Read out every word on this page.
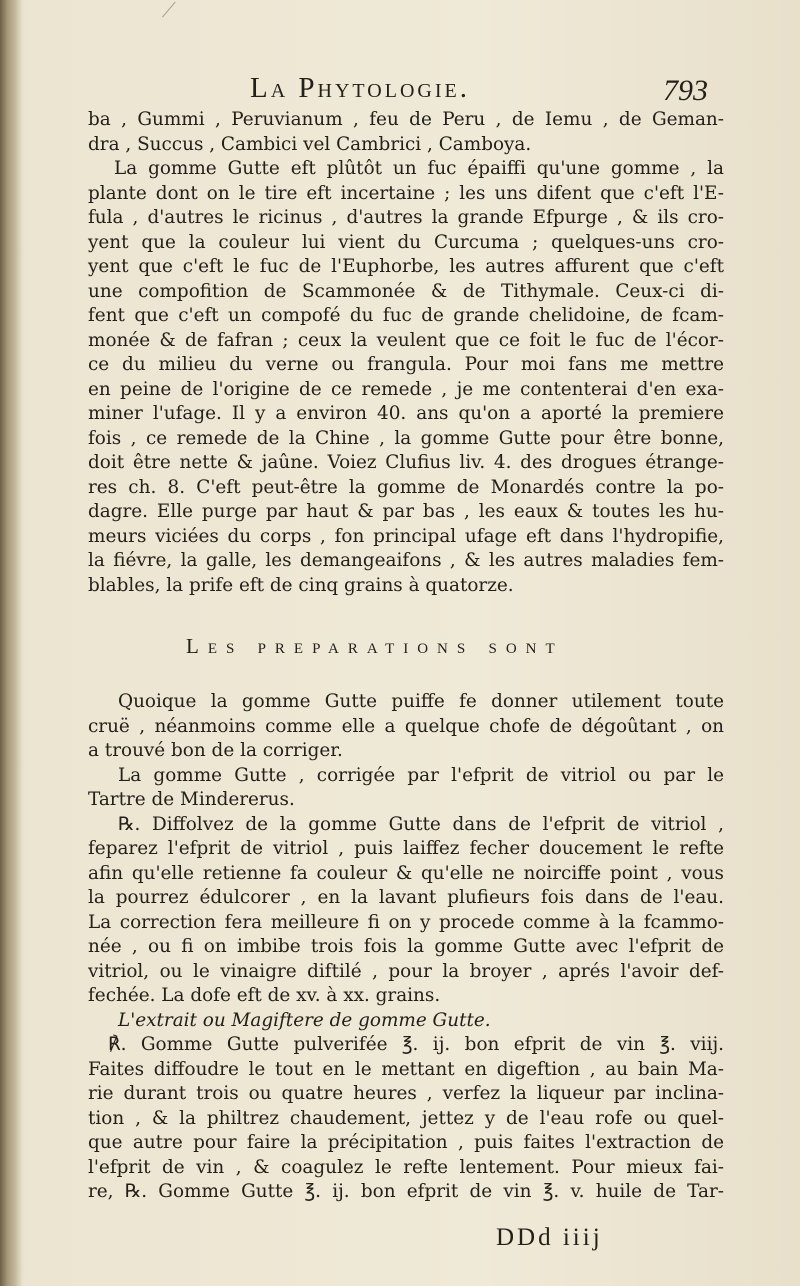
La Phytologie.	793
ba , Gummi , Peruvianum , feu de Peru , de Iemu , de Geman-
dra , Succus , Cambici vel Cambrici , Camboya.
La gomme Gutte eft plûtôt un fuc épaiffi qu'une gomme , la
plante dont on le tire eft incertaine ; les uns difent que c'eft l'E-
fula , d'autres le ricinus , d'autres la grande Efpurge , & ils cro-
yent que la couleur lui vient du Curcuma ; quelques-uns cro-
yent que c'eft le fuc de l'Euphorbe, les autres affurent que c'eft
une compofition de Scammonée & de Tithymale. Ceux-ci di-
fent que c'eft un compofé du fuc de grande chelidoine, de fcam-
monée & de fafran ; ceux la veulent que ce foit le fuc de l'écor-
ce du milieu du verne ou frangula. Pour moi fans me mettre
en peine de l'origine de ce remede , je me contenterai d'en exa-
miner l'ufage. Il y a environ 40. ans qu'on a aporté la premiere
fois , ce remede de la Chine , la gomme Gutte pour être bonne,
doit être nette & jaûne. Voiez Clufius liv. 4. des drogues étrange-
res ch. 8. C'eft peut-être la gomme de Monardés contre la po-
dagre. Elle purge par haut & par bas , les eaux & toutes les hu-
meurs viciées du corps , fon principal ufage eft dans l'hydropifie,
la fiévre, la galle, les demangeaifons , & les autres maladies fem-
blables, la prife eft de cinq grains à quatorze.
Les preparations sont
Quoique la gomme Gutte puiffe fe donner utilement toute
cruë , néanmoins comme elle a quelque chofe de dégoûtant , on
a trouvé bon de la corriger.
La gomme Gutte , corrigée par l'efprit de vitriol ou par le
Tartre de Mindererus.
℞. Diffolvez de la gomme Gutte dans de l'efprit de vitriol ,
feparez l'efprit de vitriol , puis laiffez fecher doucement le refte
afin qu'elle retienne fa couleur & qu'elle ne noirciffe point , vous
la pourrez édulcorer , en la lavant plufieurs fois dans de l'eau.
La correction fera meilleure fi on y procede comme à la fcammo-
née , ou fi on imbibe trois fois la gomme Gutte avec l'efprit de
vitriol, ou le vinaigre diftilé , pour la broyer , aprés l'avoir def-
fechée. La dofe eft de xv. à xx. grains.
L'extrait ou Magiftere de gomme Gutte.
℟. Gomme Gutte pulverifée ℥. ij. bon efprit de vin ℥. viij.
Faites diffoudre le tout en le mettant en digeftion , au bain Ma-
rie durant trois ou quatre heures , verfez la liqueur par inclina-
tion , & la philtrez chaudement, jettez y de l'eau rofe ou quel-
que autre pour faire la précipitation , puis faites l'extraction de
l'efprit de vin , & coagulez le refte lentement. Pour mieux fai-
re, ℞. Gomme Gutte ℥. ij. bon efprit de vin ℥. v. huile de Tar-
DDd iiij
